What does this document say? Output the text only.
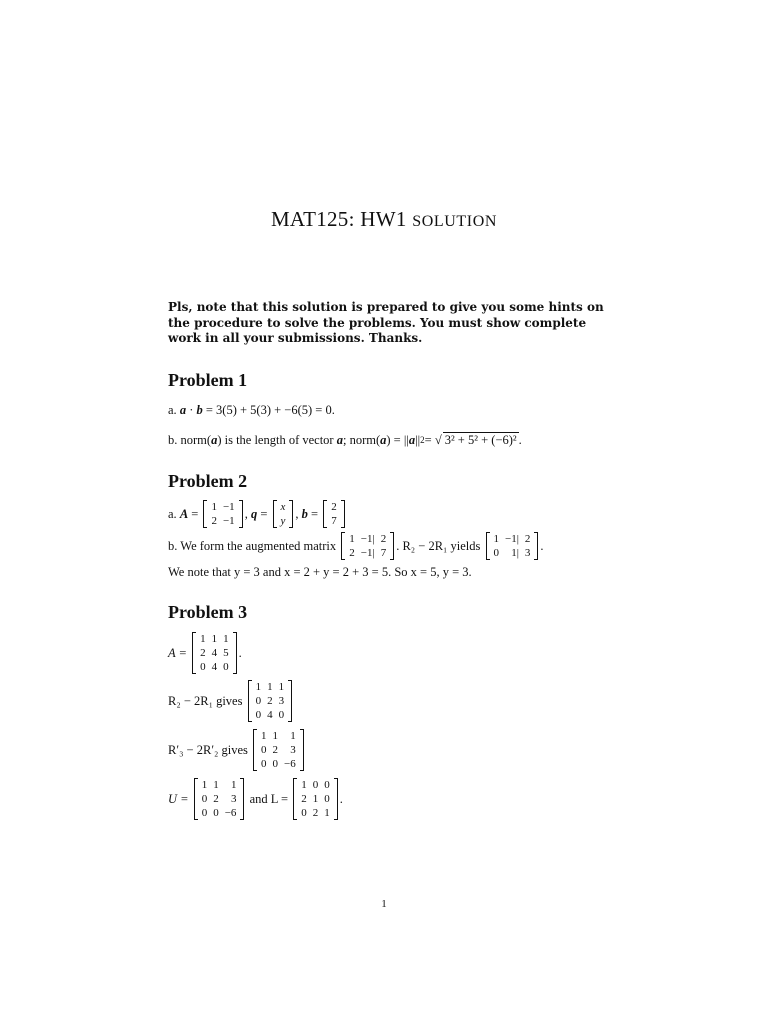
MAT125: HW1 SOLUTION
Pls, note that this solution is prepared to give you some hints on the procedure to solve the problems. You must show complete work in all your submissions. Thanks.
Problem 1
a.
a · b
= 3(5) + 5(3) + −6(5) = 0.
b. norm( a ) is the length of vector
a ; norm( a ) = || a || 2 =
√ 3² + 5² + (−6)² .
Problem 2
a.
A = 1	−1
2	−1
, q = x
y
, b = 2
7
b. We form the augmented matrix
1	−1|	2
2	−1|	7
. R₂ − 2R₁ yields
1	−1|	2
0	1|	3
.
We note that y = 3 and x = 2 + y = 2 + 3 = 5. So x = 5, y = 3.
Problem 3
A =

1	1	1
2	4	5
0	4	0
.
R₂ − 2R₁ gives

1	1	1
0	2	3
0	4	0
R′₃ − 2R′₂ gives

1	1	1
0	2	3
0	0	−6
U =

1	1	1
0	2	3
0	0	−6

and L =

1	0	0
2	1	0
0	2	1
.
1
